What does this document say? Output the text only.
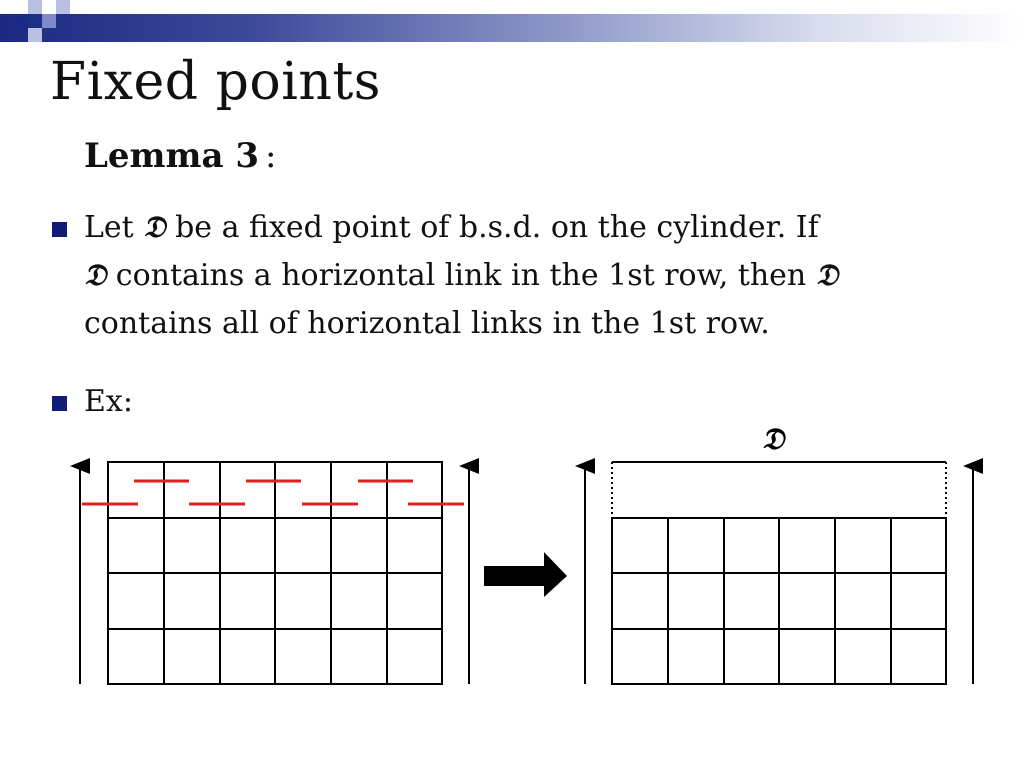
Fixed points
Lemma 3 :
Let 𝔇 be a fixed point of b.s.d. on the cylinder. If
𝔇 contains a horizontal link in the 1st row, then 𝔇
contains all of horizontal links in the 1st row.
Ex:
𝔇
